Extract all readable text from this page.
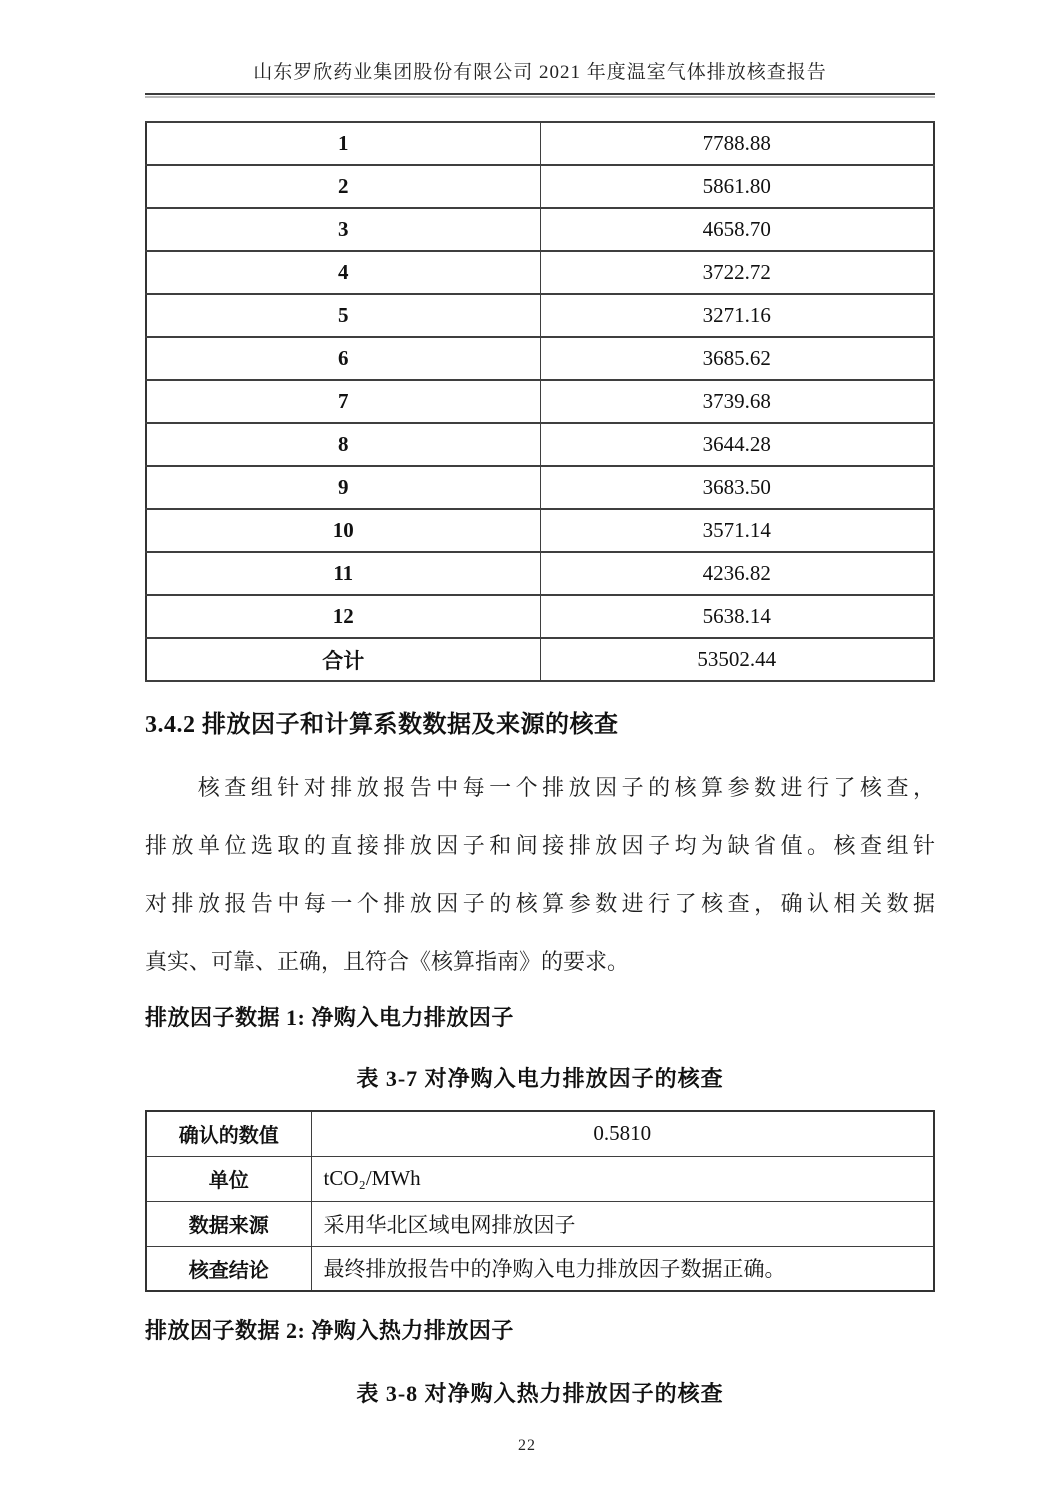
山东罗欣药业集团股份有限公司 2021 年度温室气体排放核查报告
1	7788.88
2	5861.80
3	4658.70
4	3722.72
5	3271.16
6	3685.62
7	3739.68
8	3644.28
9	3683.50
10	3571.14
11	4236.82
12	5638.14
合计	53502.44
3.4.2 排放因子和计算系数数据及来源的核查
核查组针对排放报告中每一个排放因子的核算参数进行了核查，
排放单位选取的直接排放因子和间接排放因子均为缺省值。核查组针
对排放报告中每一个排放因子的核算参数进行了核查，确认相关数据
真实、可靠、正确，且符合《核算指南》的要求。
排放因子数据 1: 净购入电力排放因子
表 3-7 对净购入电力排放因子的核查
确认的数值	0.5810
单位	tCO₂/MWh
数据来源	采用华北区域电网排放因子
核查结论	最终排放报告中的净购入电力排放因子数据正确。
排放因子数据 2: 净购入热力排放因子
表 3-8 对净购入热力排放因子的核查
22
